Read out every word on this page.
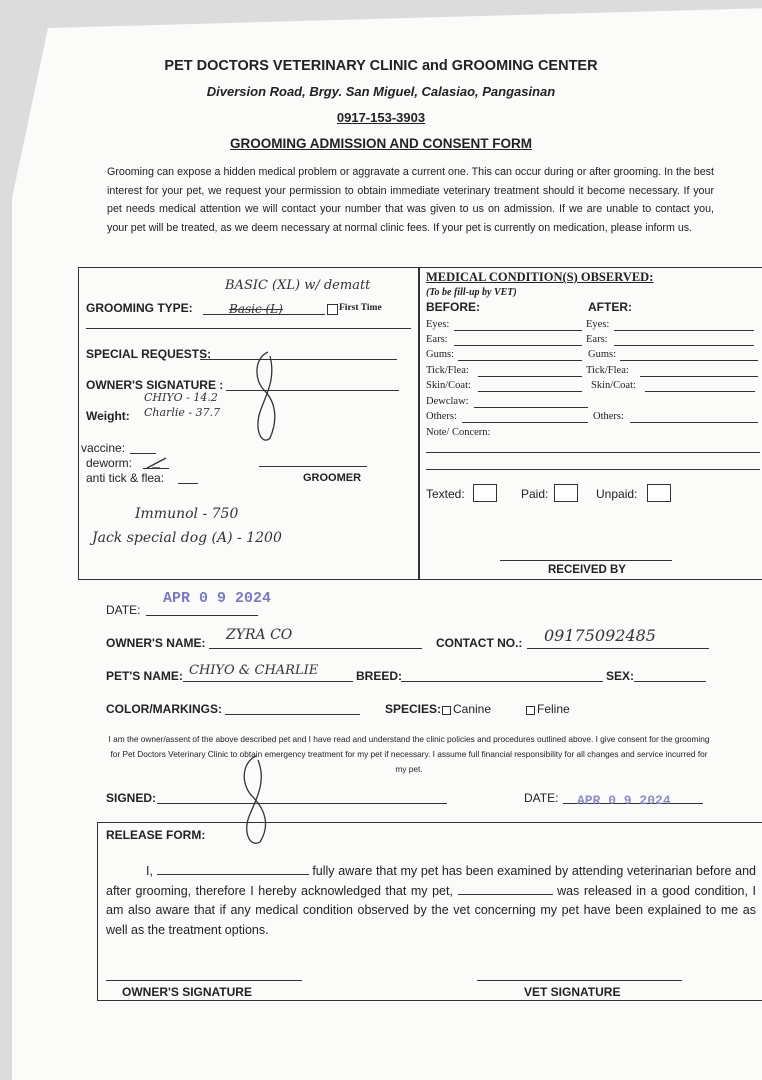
PET DOCTORS VETERINARY CLINIC and GROOMING CENTER
Diversion Road, Brgy. San Miguel, Calasiao, Pangasinan
0917-153-3903
GROOMING ADMISSION AND CONSENT FORM
Grooming can expose a hidden medical problem or aggravate a current one. This can occur during or after grooming. In the best interest for your pet, we request your permission to obtain immediate veterinary treatment should it become necessary. If your pet needs medical attention we will contact your number that was given to us on admission. If we are unable to contact you, your pet will be treated, as we deem necessary at normal clinic fees. If your pet is currently on medication, please inform us.
BASIC (XL) w/ dematt
GROOMING TYPE:	Basic (L)	First Time
SPECIAL REQUESTS:
OWNER'S SIGNATURE :
CHIYO - 14.2
Weight: Charlie - 37.7
vaccine:
deworm:
anti tick & flea:	GROOMER
Immunol - 750
Jack special dog (A) - 1200
MEDICAL CONDITION(S) OBSERVED:
(To be fill-up by VET)
BEFORE:	AFTER:
Eyes:	Eyes:
Ears:	Ears:
Gums:	Gums:
Tick/Flea:	Tick/Flea:
Skin/Coat:	Skin/Coat:
Dewclaw:
Others:	Others:
Note/ Concern:
Texted:	Paid:	Unpaid:
RECEIVED BY
APR 0 9 2024
DATE:
OWNER'S NAME: ZYRA CO	CONTACT NO.: 09175092485
PET'S NAME: CHIYO & CHARLIE	BREED:	SEX:
COLOR/MARKINGS:	SPECIES: Canine	Feline
I am the owner/assent of the above described pet and I have read and understand the clinic policies and procedures outlined above. I give consent for the grooming for Pet Doctors Veterinary Clinic to obtain emergency treatment for my pet if necessary. I assume full financial responsibility for all changes and service incurred for my pet.
SIGNED:	DATE: APR 0 9 2024
RELEASE FORM:
I,	fully aware that my pet has been examined by attending veterinarian before and after grooming, therefore I hereby acknowledged that my pet,	was released in a good condition, I am also aware that if any medical condition observed by the vet concerning my pet have been explained to me as well as the treatment options.
OWNER'S SIGNATURE	VET SIGNATURE
